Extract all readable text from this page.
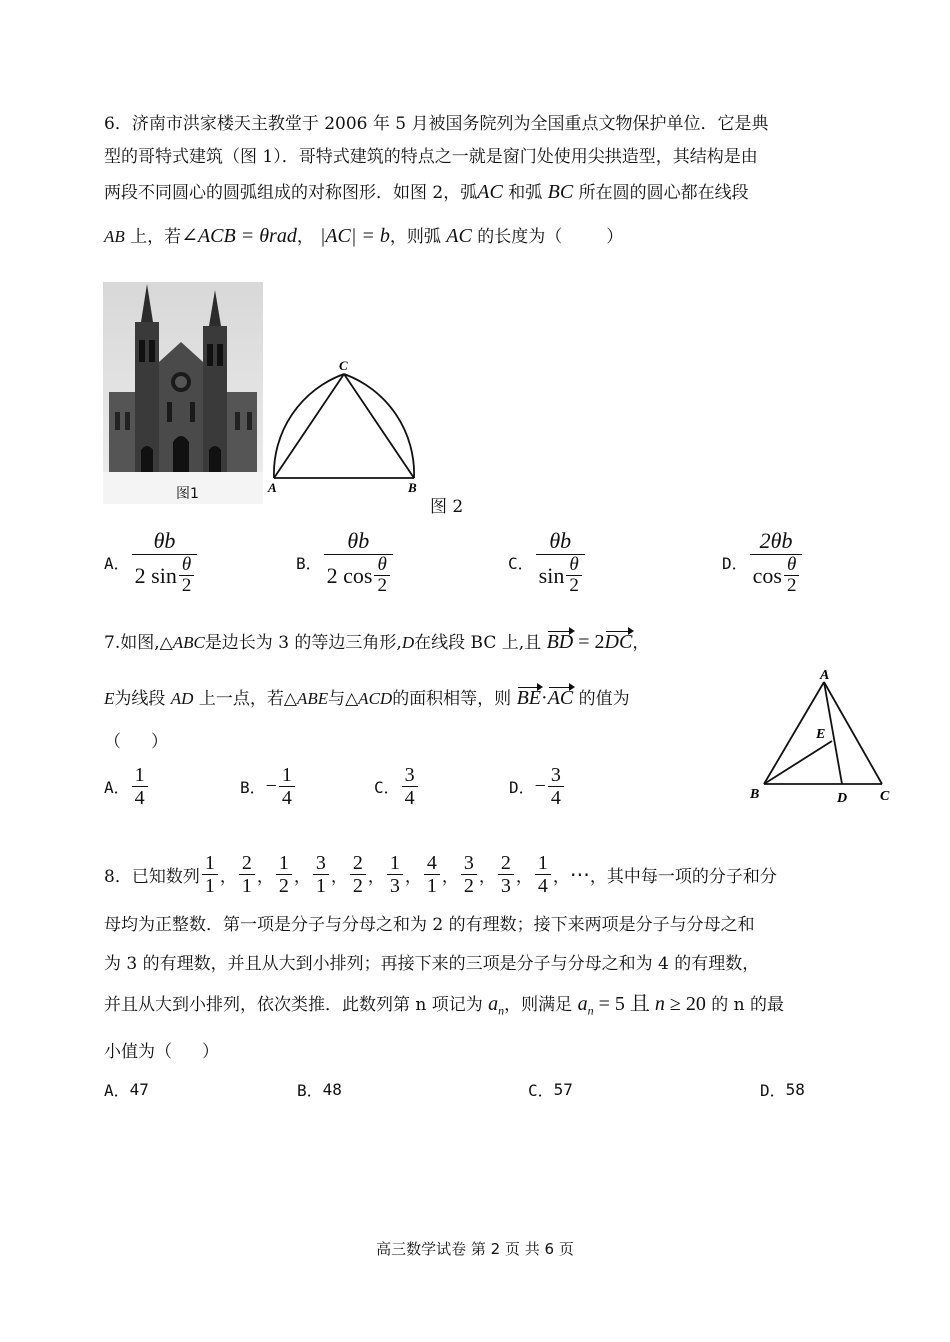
6．济南市洪家楼天主教堂于 2006 年 5 月被国务院列为全国重点文物保护单位．它是典
型的哥特式建筑（图 1）．哥特式建筑的特点之一就是窗门处使用尖拱造型，其结构是由
两段不同圆心的圆弧组成的对称图形．如图 2，弧AC 和弧 BC 所在圆的圆心都在线段
AB 上，若∠ACB = θrad， |AC| = b，则弧 AC 的长度为（	）
图1
C
A	B
图 2
A． $\frac{\theta b}{2 \sin \frac{\theta}{2}}$	B． $\frac{\theta b}{2 \cos \frac{\theta}{2}}$	C． $\frac{\theta b}{\sin \frac{\theta}{2}}$	D． $\frac{2\theta b}{\cos \frac{\theta}{2}}$
7.如图,△ABC是边长为 3 的等边三角形,D在线段 BC 上,且 BD = 2DC，
E为线段 AD 上一点，若△ABE与△ACD的面积相等，则 BE·AC 的值为
（ ）
A
B	C
D
E
A． $\frac{1}{4}$	B． − $\frac{1}{4}$	C． $\frac{3}{4}$	D． − $\frac{3}{4}$
8．已知数列 $\frac{1}{1}$ ， $\frac{2}{1}$ ， $\frac{1}{2}$ ， $\frac{3}{1}$ ， $\frac{2}{2}$ ， $\frac{1}{3}$ ， $\frac{4}{1}$ ， $\frac{3}{2}$ ， $\frac{2}{3}$ ， $\frac{1}{4}$ ， ⋯ ，其中每一项的分子和分
母均为正整数．第一项是分子与分母之和为 2 的有理数；接下来两项是分子与分母之和
为 3 的有理数，并且从大到小排列；再接下来的三项是分子与分母之和为 4 的有理数，
并且从大到小排列，依次类推．此数列第 n 项记为 $a_n$，则满足 $a_n = 5$ 且 n ≥ 20 的 n 的最
小值为（ ）
A． 47	B． 48	C． 57	D． 58
高三数学试卷 第 2 页 共 6 页
